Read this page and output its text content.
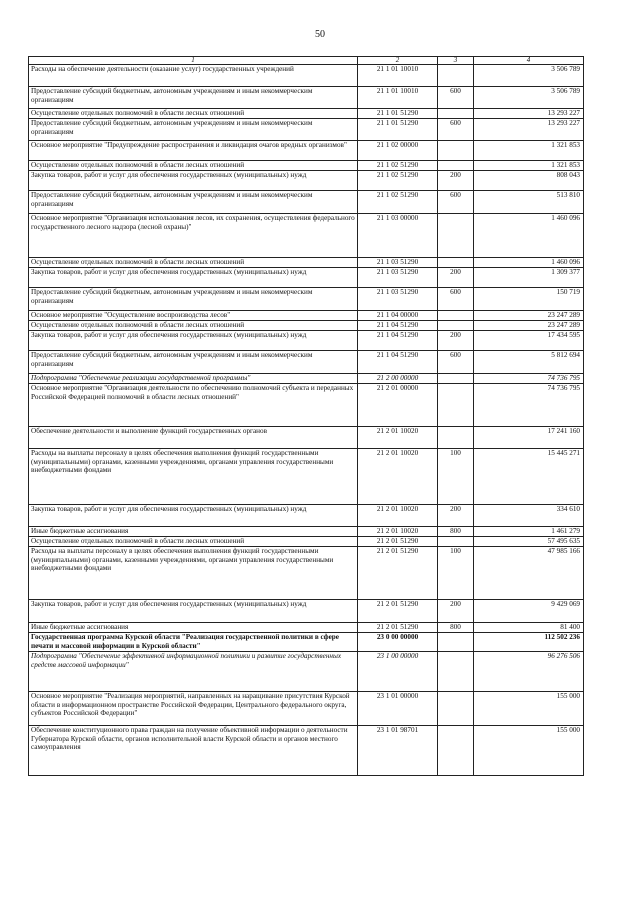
50
1	2	3	4
Расходы на обеспечение деятельности (оказание услуг) государственных учреждений	21 1 01 10010		3 506 789
Предоставление субсидий бюджетным, автономным учреждениям и иным некоммерческим организациям	21 1 01 10010	600	3 506 789
Осуществление отдельных полномочий в области лесных отношений	21 1 01 51290		13 293 227
Предоставление субсидий бюджетным, автономным учреждениям и иным некоммерческим организациям	21 1 01 51290	600	13 293 227
Основное мероприятие "Предупреждение распространения и ликвидация очагов вредных организмов"	21 1 02 00000		1 321 853
Осуществление отдельных полномочий в области лесных отношений	21 1 02 51290		1 321 853
Закупка товаров, работ и услуг для обеспечения государственных (муниципальных) нужд	21 1 02 51290	200	808 043
Предоставление субсидий бюджетным, автономным учреждениям и иным некоммерческим организациям	21 1 02 51290	600	513 810
Основное мероприятие "Организация использования лесов, их сохранения, осуществления федерального государственного лесного надзора (лесной охраны)"	21 1 03 00000		1 460 096
Осуществление отдельных полномочий в области лесных отношений	21 1 03 51290		1 460 096
Закупка товаров, работ и услуг для обеспечения государственных (муниципальных) нужд	21 1 03 51290	200	1 309 377
Предоставление субсидий бюджетным, автономным учреждениям и иным некоммерческим организациям	21 1 03 51290	600	150 719
Основное мероприятие "Осуществление воспроизводства лесов"	21 1 04 00000		23 247 289
Осуществление отдельных полномочий в области лесных отношений	21 1 04 51290		23 247 289
Закупка товаров, работ и услуг для обеспечения государственных (муниципальных) нужд	21 1 04 51290	200	17 434 595
Предоставление субсидий бюджетным, автономным учреждениям и иным некоммерческим организациям	21 1 04 51290	600	5 812 694
Подпрограмма "Обеспечение реализации государственной программы"	21 2 00 00000		74 736 795
Основное мероприятие "Организация деятельности по обеспечению полномочий субъекта и переданных Российской Федерацией полномочий в области лесных отношений"	21 2 01 00000		74 736 795
Обеспечение деятельности и выполнение функций государственных органов	21 2 01 10020		17 241 160
Расходы на выплаты персоналу в целях обеспечения выполнения функций государственными (муниципальными) органами, казенными учреждениями, органами управления государственными внебюджетными фондами	21 2 01 10020	100	15 445 271
Закупка товаров, работ и услуг для обеспечения государственных (муниципальных) нужд	21 2 01 10020	200	334 610
Иные бюджетные ассигнования	21 2 01 10020	800	1 461 279
Осуществление отдельных полномочий в области лесных отношений	21 2 01 51290		57 495 635
Расходы на выплаты персоналу в целях обеспечения выполнения функций государственными (муниципальными) органами, казенными учреждениями, органами управления государственными внебюджетными фондами	21 2 01 51290	100	47 985 166
Закупка товаров, работ и услуг для обеспечения государственных (муниципальных) нужд	21 2 01 51290	200	9 429 069
Иные бюджетные ассигнования	21 2 01 51290	800	81 400
Государственная программа Курской области "Реализация государственной политики в сфере печати и массовой информации в Курской области"	23 0 00 00000		112 502 236
Подпрограмма "Обеспечение эффективной информационной политики и развитие государственных средств массовой информации"	23 1 00 00000		96 276 506
Основное мероприятие "Реализация мероприятий, направленных на наращивание присутствия Курской области в информационном пространстве Российской Федерации, Центрального федерального округа, субъектов Российской Федерации"	23 1 01 00000		155 000
Обеспечение конституционного права граждан на получение объективной информации о деятельности Губернатора Курской области, органов исполнительной власти Курской области и органов местного самоуправления	23 1 01 98701		155 000
